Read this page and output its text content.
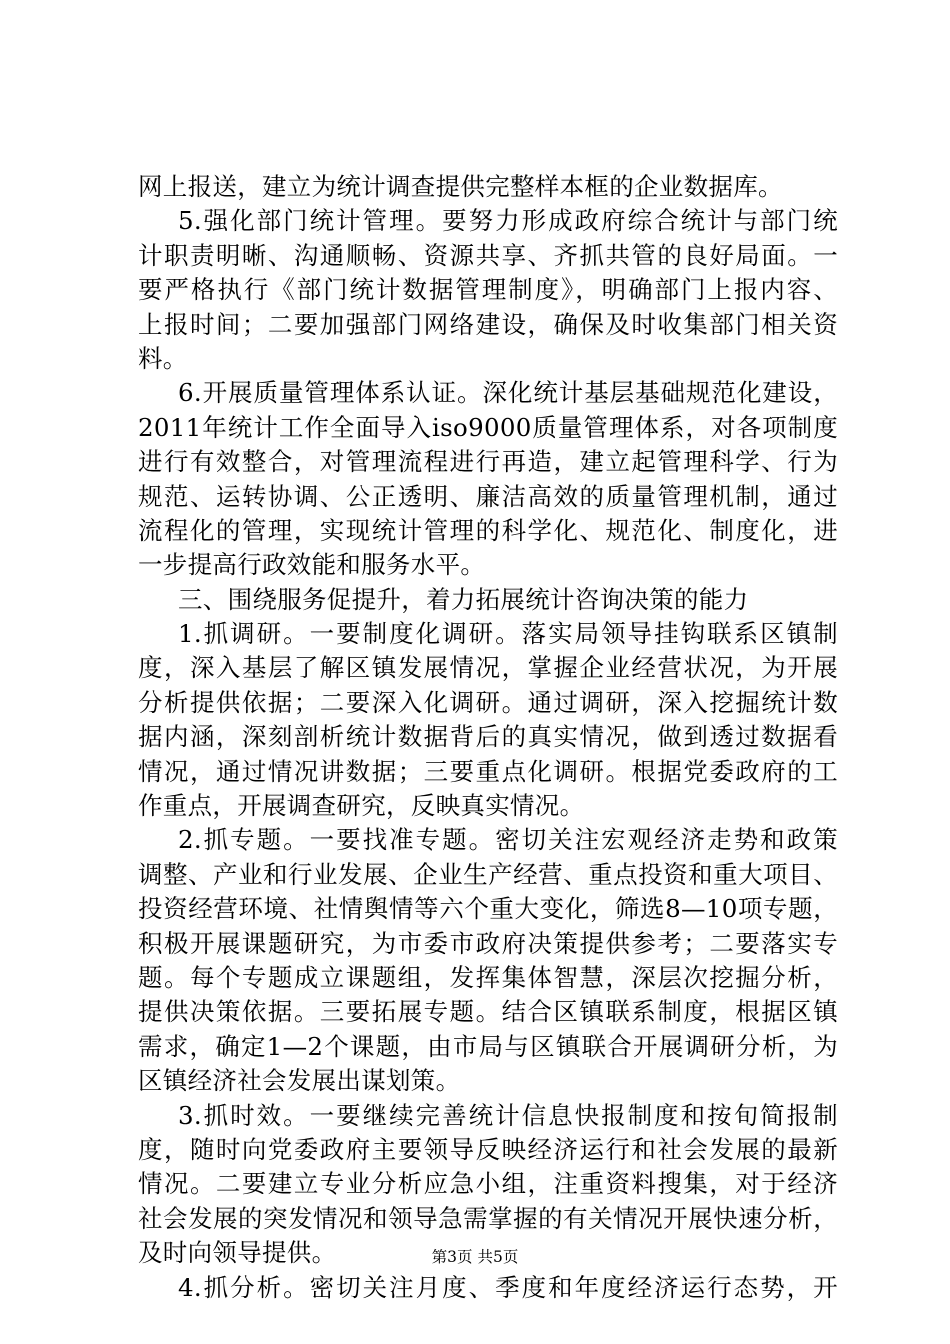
网上报送，建立为统计调查提供完整样本框的企业数据库。
5.强化部门统计管理。要努力形成政府综合统计与部门统
计职责明晰、沟通顺畅、资源共享、齐抓共管的良好局面。一
要严格执行《部门统计数据管理制度》，明确部门上报内容、
上报时间；二要加强部门网络建设，确保及时收集部门相关资
料。
6.开展质量管理体系认证。深化统计基层基础规范化建设，
2011年统计工作全面导入iso9000质量管理体系，对各项制度
进行有效整合，对管理流程进行再造，建立起管理科学、行为
规范、运转协调、公正透明、廉洁高效的质量管理机制，通过
流程化的管理，实现统计管理的科学化、规范化、制度化，进
一步提高行政效能和服务水平。
三、围绕服务促提升，着力拓展统计咨询决策的能力
1.抓调研。一要制度化调研。落实局领导挂钩联系区镇制
度，深入基层了解区镇发展情况，掌握企业经营状况，为开展
分析提供依据；二要深入化调研。通过调研，深入挖掘统计数
据内涵，深刻剖析统计数据背后的真实情况，做到透过数据看
情况，通过情况讲数据；三要重点化调研。根据党委政府的工
作重点，开展调查研究，反映真实情况。
2.抓专题。一要找准专题。密切关注宏观经济走势和政策
调整、产业和行业发展、企业生产经营、重点投资和重大项目、
投资经营环境、社情舆情等六个重大变化，筛选8—10项专题，
积极开展课题研究，为市委市政府决策提供参考；二要落实专
题。每个专题成立课题组，发挥集体智慧，深层次挖掘分析，
提供决策依据。三要拓展专题。结合区镇联系制度，根据区镇
需求，确定1—2个课题，由市局与区镇联合开展调研分析，为
区镇经济社会发展出谋划策。
3.抓时效。一要继续完善统计信息快报制度和按旬简报制
度，随时向党委政府主要领导反映经济运行和社会发展的最新
情况。二要建立专业分析应急小组，注重资料搜集，对于经济
社会发展的突发情况和领导急需掌握的有关情况开展快速分析，
及时向领导提供。
4.抓分析。密切关注月度、季度和年度经济运行态势，开
第3页 共5页
